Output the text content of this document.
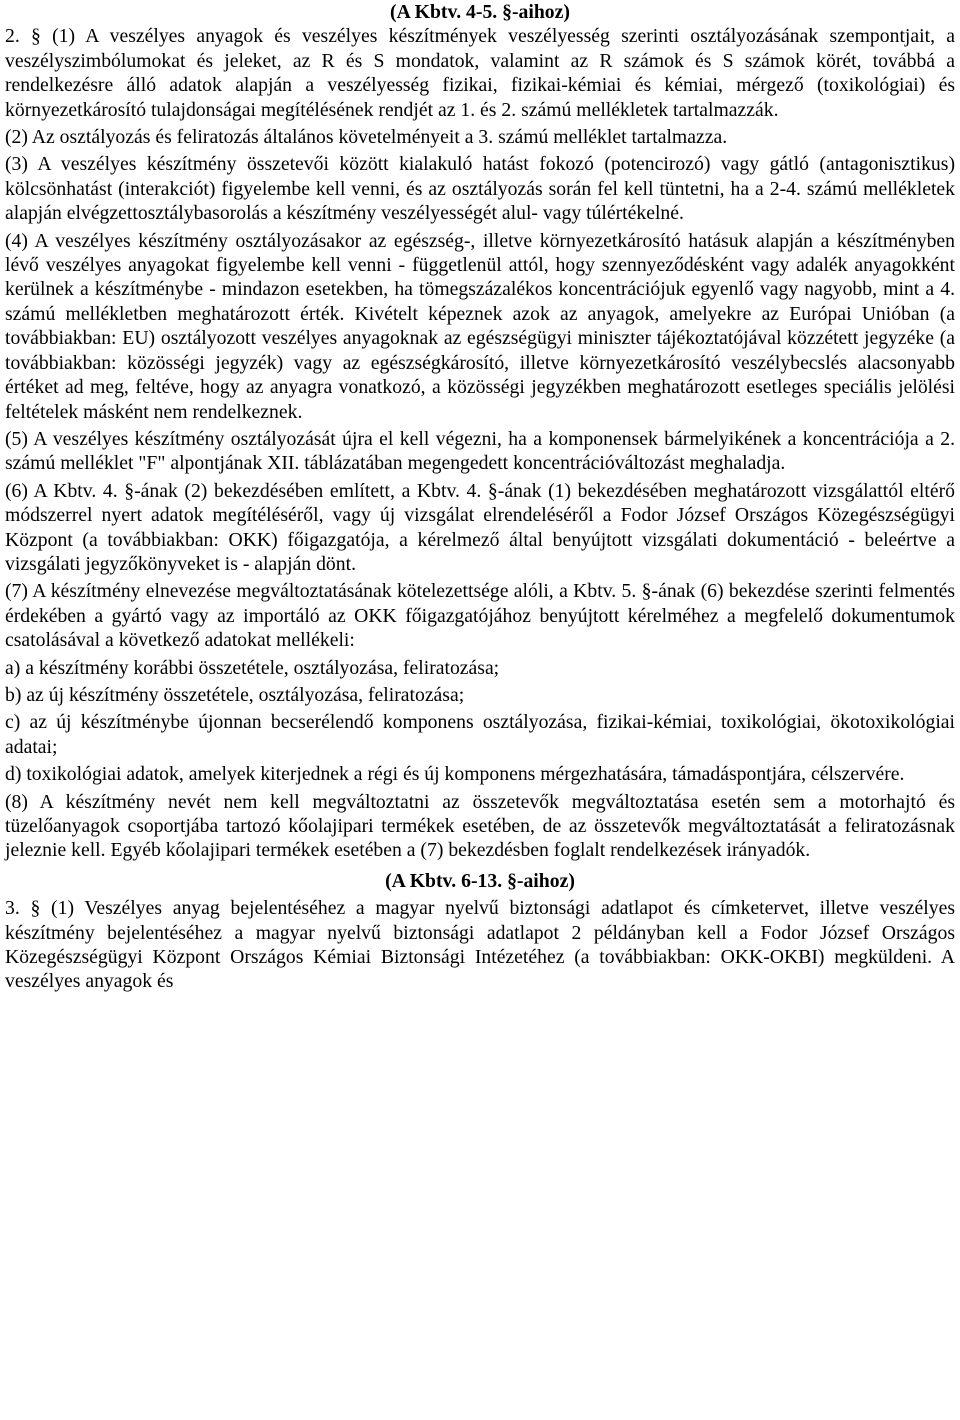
(A Kbtv. 4-5. §-aihoz)

2. § (1) A veszélyes anyagok és veszélyes készítmények veszélyesség szerinti osztályozásának szempontjait, a veszélyszimbólumokat és jeleket, az R és S mondatok, valamint az R számok és S számok körét, továbbá a rendelkezésre álló adatok alapján a veszélyesség fizikai, fizikai-kémiai és kémiai, mérgező (toxikológiai) és környezetkárosító tulajdonságai megítélésének rendjét az 1. és 2. számú mellékletek tartalmazzák.

(2) Az osztályozás és feliratozás általános követelményeit a 3. számú melléklet tartalmazza.

(3) A veszélyes készítmény összetevői között kialakuló hatást fokozó (potencirozó) vagy gátló (antagonisztikus) kölcsönhatást (interakciót) figyelembe kell venni, és az osztályozás során fel kell tüntetni, ha a 2-4. számú mellékletek alapján elvégzettosztálybasorolás a készítmény veszélyességét alul- vagy túlértékelné.

(4) A veszélyes készítmény osztályozásakor az egészség-, illetve környezetkárosító hatásuk alapján a készítményben lévő veszélyes anyagokat figyelembe kell venni - függetlenül attól, hogy szennyeződésként vagy adalék anyagokként kerülnek a készítménybe - mindazon esetekben, ha tömegszázalékos koncentrációjuk egyenlő vagy nagyobb, mint a 4. számú mellékletben meghatározott érték. Kivételt képeznek azok az anyagok, amelyekre az Európai Unióban (a továbbiakban: EU) osztályozott veszélyes anyagoknak az egészségügyi miniszter tájékoztatójával közzétett jegyzéke (a továbbiakban: közösségi jegyzék) vagy az egészségkárosító, illetve környezetkárosító veszélybecslés alacsonyabb értéket ad meg, feltéve, hogy az anyagra vonatkozó, a közösségi jegyzékben meghatározott esetleges speciális jelölési feltételek másként nem rendelkeznek.

(5) A veszélyes készítmény osztályozását újra el kell végezni, ha a komponensek bármelyikének a koncentrációja a 2. számú melléklet "F" alpontjának XII. táblázatában megengedett koncentrációváltozást meghaladja.

(6) A Kbtv. 4. §-ának (2) bekezdésében említett, a Kbtv. 4. §-ának (1) bekezdésében meghatározott vizsgálattól eltérő módszerrel nyert adatok megítéléséről, vagy új vizsgálat elrendeléséről a Fodor József Országos Közegészségügyi Központ (a továbbiakban: OKK) főigazgatója, a kérelmező által benyújtott vizsgálati dokumentáció - beleértve a vizsgálati jegyzőkönyveket is - alapján dönt.

(7) A készítmény elnevezése megváltoztatásának kötelezettsége alóli, a Kbtv. 5. §-ának (6) bekezdése szerinti felmentés érdekében a gyártó vagy az importáló az OKK főigazgatójához benyújtott kérelméhez a megfelelő dokumentumok csatolásával a következő adatokat mellékeli:

a) a készítmény korábbi összetétele, osztályozása, feliratozása;

b) az új készítmény összetétele, osztályozása, feliratozása;

c) az új készítménybe újonnan becserélendő komponens osztályozása, fizikai-kémiai, toxikológiai, ökotoxikológiai adatai;

d) toxikológiai adatok, amelyek kiterjednek a régi és új komponens mérgezhatására, támadáspontjára, célszervére.

(8) A készítmény nevét nem kell megváltoztatni az összetevők megváltoztatása esetén sem a motorhajtó és tüzelőanyagok csoportjába tartozó kőolajipari termékek esetében, de az összetevők megváltoztatását a feliratozásnak jeleznie kell. Egyéb kőolajipari termékek esetében a (7) bekezdésben foglalt rendelkezések irányadók.

(A Kbtv. 6-13. §-aihoz)

3. § (1) Veszélyes anyag bejelentéséhez a magyar nyelvű biztonsági adatlapot és címketervet, illetve veszélyes készítmény bejelentéséhez a magyar nyelvű biztonsági adatlapot 2 példányban kell a Fodor József Országos Közegészségügyi Központ Országos Kémiai Biztonsági Intézetéhez (a továbbiakban: OKK-OKBI) megküldeni. A veszélyes anyagok és
